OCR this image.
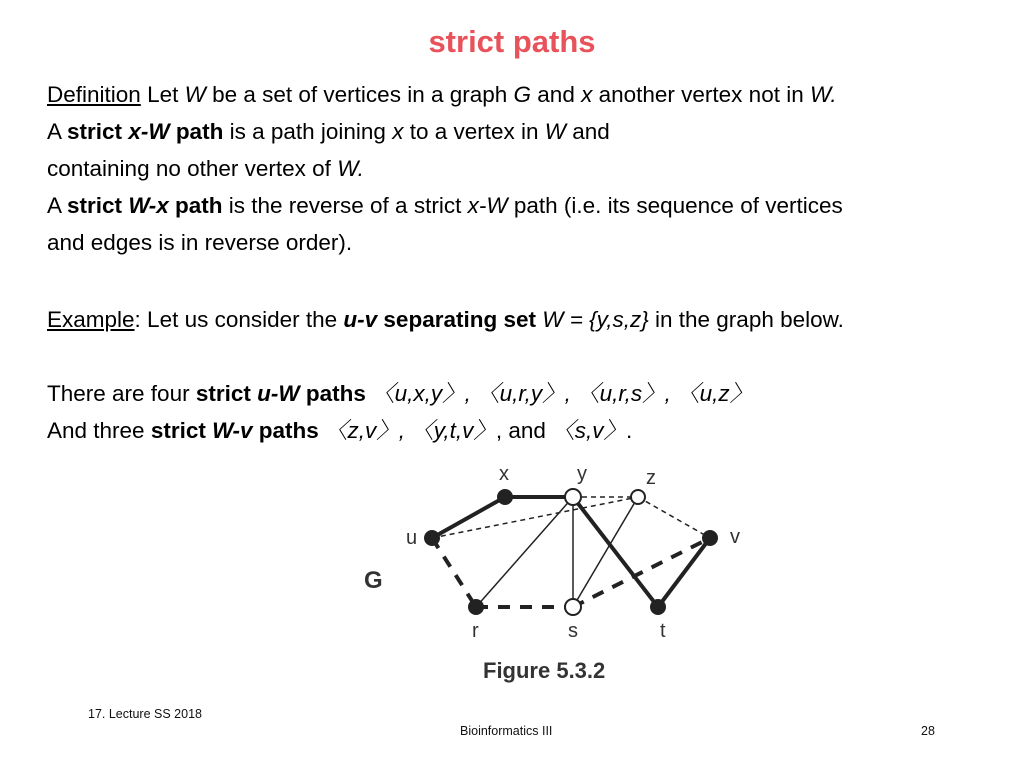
strict paths
Definition Let W be a set of vertices in a graph G and x another vertex not in W.
A strict x-W path is a path joining x to a vertex in W and
containing no other vertex of W.
A strict W-x path is the reverse of a strict x-W path (i.e. its sequence of vertices
and edges is in reverse order).
Example: Let us consider the u-v separating set W = {y,s,z} in the graph below.
There are four strict u-W paths 〈u,x,y〉, 〈u,r,y〉, 〈u,r,s〉, 〈u,z〉
And three strict W-v paths 〈z,v〉, 〈y,t,v〉, and 〈s,v〉.
x	y	z
u	v
r	s	t
G
Figure 5.3.2
17. Lecture SS 2018
Bioinformatics III	28
